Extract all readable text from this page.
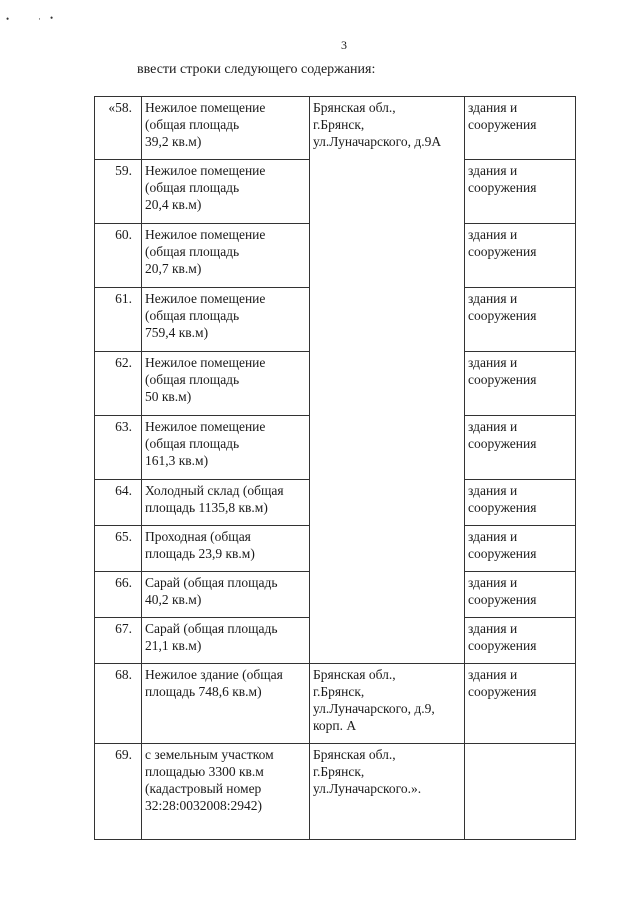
•	· •
3
ввести строки следующего содержания:
«58.	Нежилое помещение
(общая площадь
39,2 кв.м)	Брянская обл.,
г.Брянск,
ул.Луначарского, д.9А	здания и
сооружения

59.	Нежилое помещение
(общая площадь
20,4 кв.м)		здания и
сооружения

60.	Нежилое помещение
(общая площадь
20,7 кв.м)		здания и
сооружения

61.	Нежилое помещение
(общая площадь
759,4 кв.м)		здания и
сооружения

62.	Нежилое помещение
(общая площадь
50 кв.м)		здания и
сооружения

63.	Нежилое помещение
(общая площадь
161,3 кв.м)		здания и
сооружения

64.	Холодный склад (общая
площадь 1135,8 кв.м)		здания и
сооружения

65.	Проходная (общая
площадь 23,9 кв.м)		здания и
сооружения

66.	Сарай (общая площадь
40,2 кв.м)		здания и
сооружения

67.	Сарай (общая площадь
21,1 кв.м)		здания и
сооружения

68.	Нежилое здание (общая
площадь 748,6 кв.м)	Брянская обл.,
г.Брянск,
ул.Луначарского, д.9,
корп. А	здания и
сооружения

69.	с земельным участком
площадью 3300 кв.м
(кадастровый номер
32:28:0032008:2942)	Брянская обл.,
г.Брянск,
ул.Луначарского.».	
